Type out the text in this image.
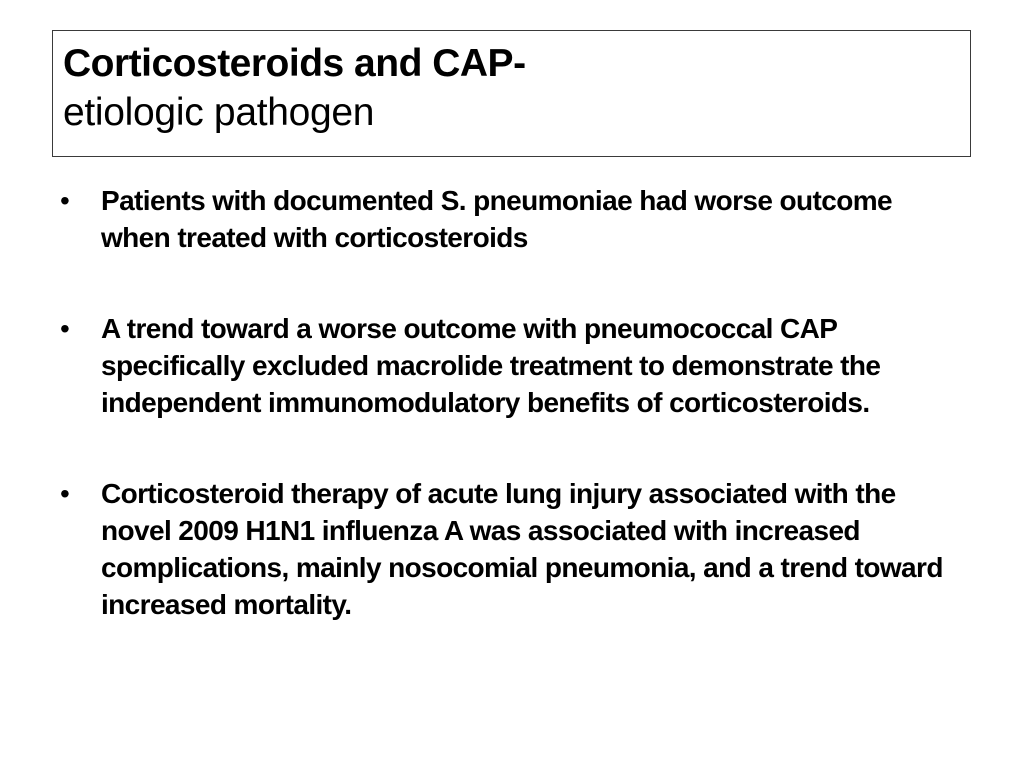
Corticosteroids and CAP-
etiologic pathogen
• Patients with documented S. pneumoniae had worse outcome when treated with corticosteroids
• A trend toward a worse outcome with pneumococcal CAP specifically excluded macrolide treatment to demonstrate the independent immunomodulatory benefits of corticosteroids.
• Corticosteroid therapy of acute lung injury associated with the novel 2009 H1N1 influenza A was associated with increased complications, mainly nosocomial pneumonia, and a trend toward increased mortality.
